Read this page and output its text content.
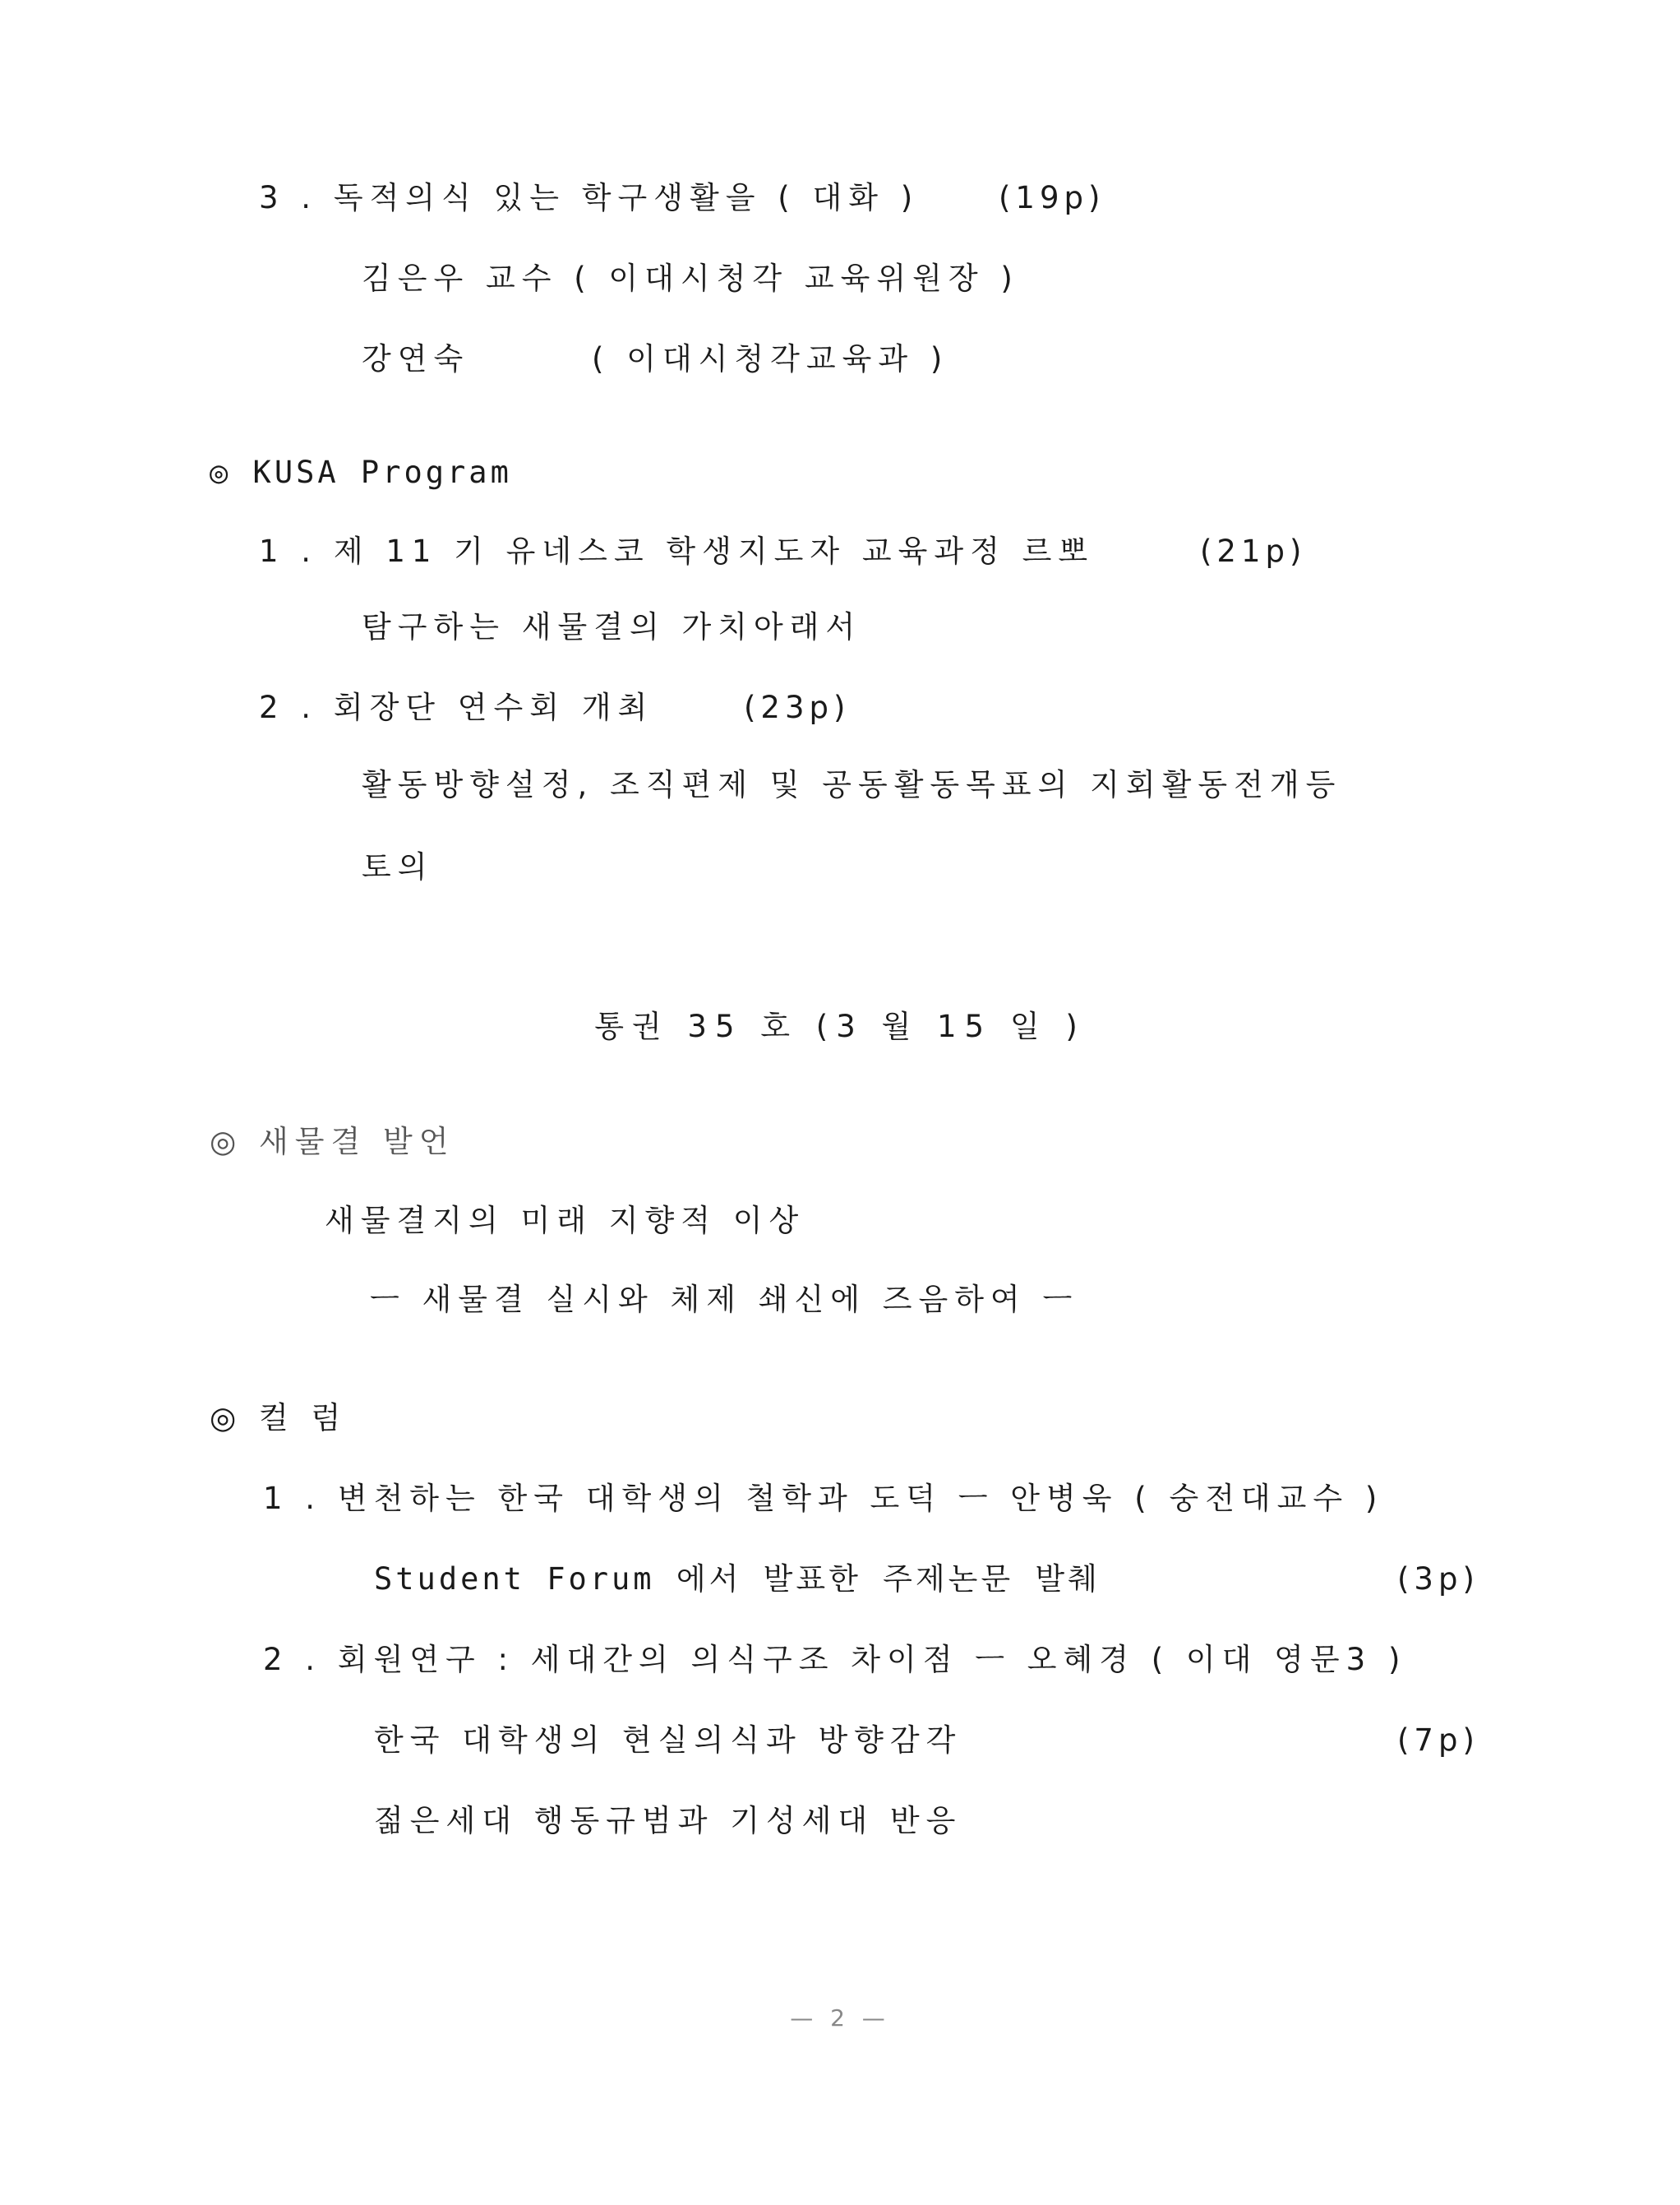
3 . 독적의식 있는 학구생활을 ( 대화 )	(19p)
김은우 교수 ( 이대시청각 교육위원장 )
강연숙	( 이대시청각교육과 )
◎ KUSA Program
1 . 제 11 기 유네스코 학생지도자 교육과정 르뽀	(21p)
탐구하는 새물결의 가치아래서
2 . 회장단 연수회 개최	(23p)
활동방향설정, 조직편제 및 공동활동목표의 지회활동전개등
토의
통권 35 호 (3 월 15 일 )
◎ 새물결 발언
새물결지의 미래 지향적 이상
ㅡ 새물결 실시와 체제 쇄신에 즈음하여 ㅡ
◎ 컬 럼
1 . 변천하는 한국 대학생의 철학과 도덕 ㅡ 안병욱 ( 숭전대교수 )
Student Forum 에서 발표한 주제논문 발췌	(3p)
2 . 회원연구 : 세대간의 의식구조 차이점 ㅡ 오혜경 ( 이대 영문3 )
한국 대학생의 현실의식과 방향감각	(7p)
젊은세대 행동규범과 기성세대 반응
— 2 —
